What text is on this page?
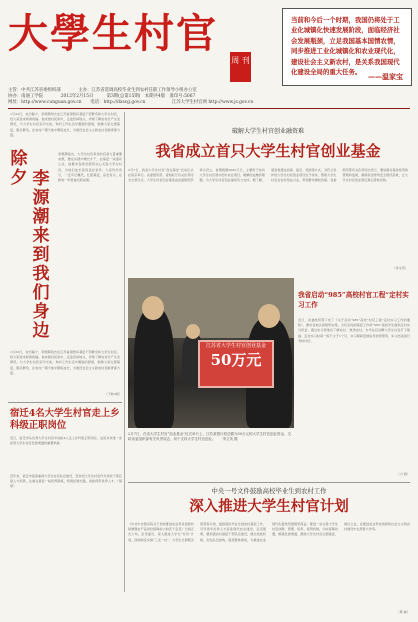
大學生村官
周 刊
主管：中共江苏省委组织部　　　　主办：江苏省选调高校毕业生到农村任职工作领导小组办公室
协办：南通工学院　　　　2012年2月15日　　　第3期(总第15期)　本期共4版　准印号:5067
网址：http://www.cunguan.gov.cn　　电话：http://dxscg.gov.cn　　　　　　江苏大学生村官网 http://www.js.gov.cn
当前和今后一个时期，我国仍将处于工业化城镇化快速发展阶段，面临经济社会发展瓶颈，立足我国基本国情农情，同步推进工业化城镇化和农业现代化，建设社会主义新农村，是关系我国现代化建设全局的重大任务。 ——温家宝
1月22日，农历除夕，李源潮同志在江苏看望慰问基层干部群众和大学生村官，给大家送来新春祝福。他来到村民家中，走进田间地头，详细了解农村生产生活情况，与大学生村官亲切交谈，询问工作生活中遇到的困难，勉励大家扎根基层，服务群众，在农村广阔天地中锻炼成长，为建设社会主义新农村贡献青春力量。
除
夕 李
源
潮
来
到
我
们
身
边
李源潮指出，大学生村官是党的后备力量重要来源，要在实践中增长才干，在基层一线建功立业。他要求各级党组织关心关爱大学生村官，为他们成长创造良好条件。大家纷纷表示，一定牢记嘱托，扎根基层，奋发有为，在新的一年里做出新成绩。
1月22日，农历除夕，李源潮同志在江苏看望慰问基层干部群众和大学生村官，给大家送来新春祝福。他来到村民家中，走进田间地头，详细了解农村生产生活情况，与大学生村官亲切交谈，询问工作生活中遇到的困难，勉励大家扎根基层，服务群众，在农村广阔天地中锻炼成长，为建设社会主义新农村贡献青春力量。
（下转2版）
宿迁4名大学生村官走上乡科级正职岗位
近日，宿迁市从优秀大学生村官中选拔4人走上乡科级正职岗位，这是该市进一步拓宽大学生村官发展渠道的重要举措。
近年来，宿迁市高度重视大学生村官队伍建设，坚持把大学生村官作为党政干部后备人才培养，注重在基层一线培养锻炼，积极拓展出路，选拔使用优秀人才。（胡 琛）
破解大学生村官创业融资难
我省成立首只大学生村官创业基金
2月7日，我省大学生村官“创业基金”启动仪式在南京举行。省委组织部、省财政厅有关负责同志出席仪式。大学生村官创业基金由省委组织部牵头设立，首期规模5000万元，主要用于扶持大学生村官领办创办农业项目，破解创业融资难题，为大学生村官创业提供有力支持。据了解，基金将通过担保、贴息、奖励等方式，对符合条件的大学生村官创业项目给予扶持，帮助大学生村官在农村创业兴业，带领群众增收致富。省委组织部有关负责同志表示，要加强对基金使用的管理和监督，确保资金使用安全规范高效，让大学生村官创业项目真正落地见效。
（李文英）
江苏省大学生村官创业基金
50万元
2月7日，在省大学生村官“创业基金”仪式举行上，江苏某银行将总额为50万元的大学生村官创业资金，交给省委组织部有关负责同志，用于支持大学生村官创业。　　李文英 摄
我省启动“985”高校村官工程“定村实习工作
近日，省委组织部下发了《关于启动“985”高校“村官工程”定村实习工作的通知》，要求各地认真组织实施，为有意向到基层工作的“985”高校学生提供定村实习机会，通过实习使他们了解农村、熟悉农村，为毕业后选聘大学生村官打下基础。定村实习时间一般不少于1个月，实习期间安排指导老师帮带，实习结束进行考核评价。
（力 新）
中央一号文件鼓励高校毕业生到农村工作
深入推进大学生村官计划
《中共中央国务院关于加快推进农业科技创新持续增强农产品供给保障能力的若干意见》日前正式公布。意见提出，深入推进大学生“村官”计划，因地制宜实施“三支一扶”、大学生志愿服务西部等计划，鼓励高校毕业生到农村基层工作，引导更多优秀人才投身现代农业建设。意见强调，要加强农村基层干部队伍建设，健全选拔机制，优化队伍结构，提高整体素质，为推进农业现代化提供坚强组织保证。要进一步完善大学生村官选聘、管理、培养、使用机制，切实保障待遇，畅通发展渠道，激励大学生村官扎根基层、建功立业，在推进农业科技创新和社会主义新农村建设中发挥更大作用。
（陈 峰）
